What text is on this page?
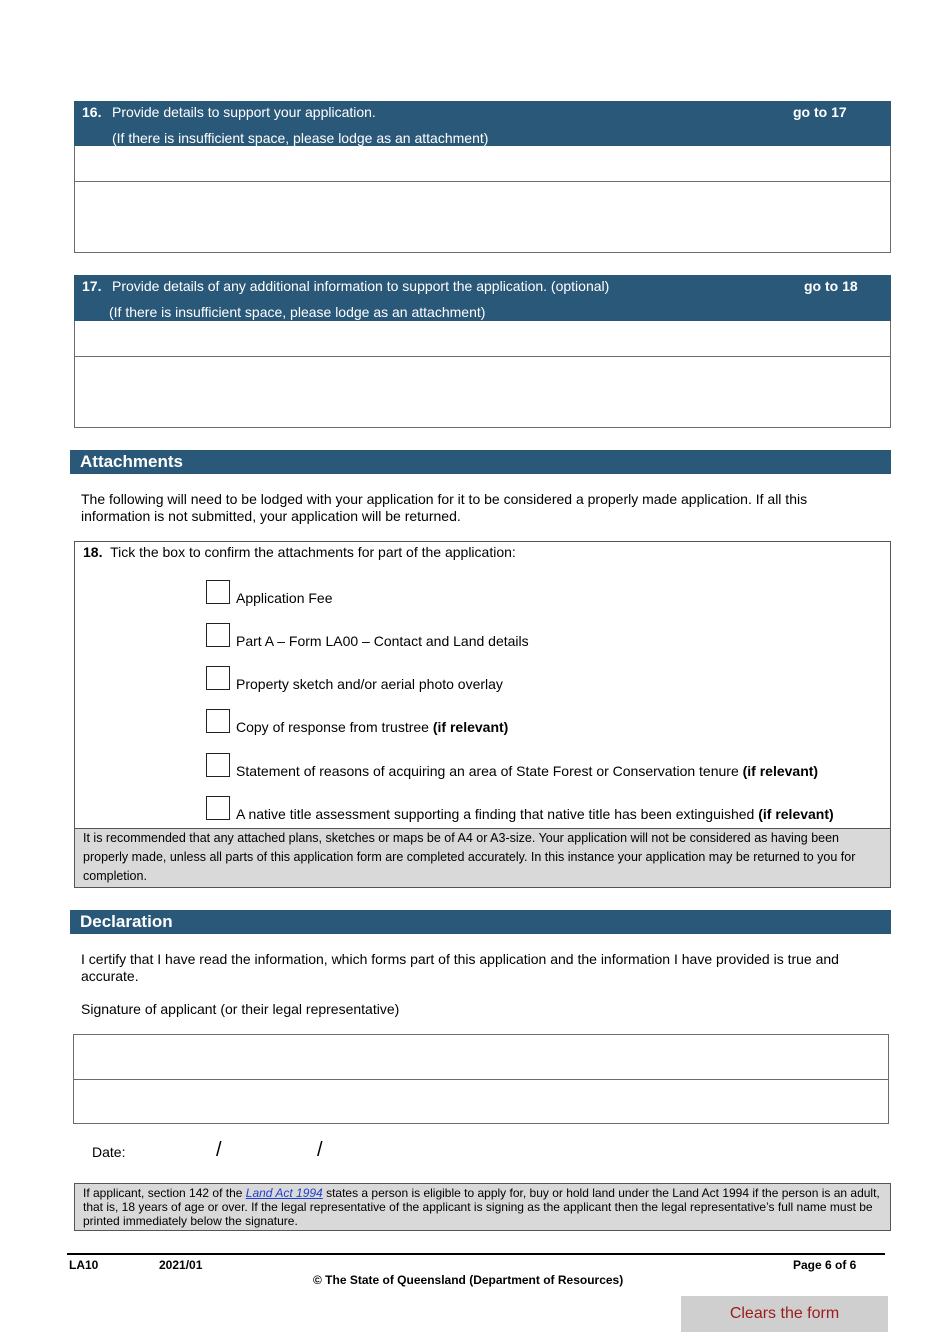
16. Provide details to support your application.
(If there is insufficient space, please lodge as an attachment)
go to 17
17. Provide details of any additional information to support the application. (optional)
(If there is insufficient space, please lodge as an attachment)
go to 18
Attachments
The following will need to be lodged with your application for it to be considered a properly made application. If all this information is not submitted, your application will be returned.
18. Tick the box to confirm the attachments for part of the application:
Application Fee
Part A – Form LA00 – Contact and Land details
Property sketch and/or aerial photo overlay
Copy of response from trustree (if relevant)
Statement of reasons of acquiring an area of State Forest or Conservation tenure (if relevant)
A native title assessment supporting a finding that native title has been extinguished (if relevant)
It is recommended that any attached plans, sketches or maps be of A4 or A3-size. Your application will not be considered as having been properly made, unless all parts of this application form are completed accurately. In this instance your application may be returned to you for completion.
Declaration
I certify that I have read the information, which forms part of this application and the information I have provided is true and accurate.
Signature of applicant (or their legal representative)
Date:	/	/
If applicant, section 142 of the Land Act 1994 states a person is eligible to apply for, buy or hold land under the Land Act 1994 if the person is an adult, that is, 18 years of age or over. If the legal representative of the applicant is signing as the applicant then the legal representative’s full name must be printed immediately below the signature.
LA10	2021/01	Page 6 of 6
© The State of Queensland (Department of Resources)
Clears the form
